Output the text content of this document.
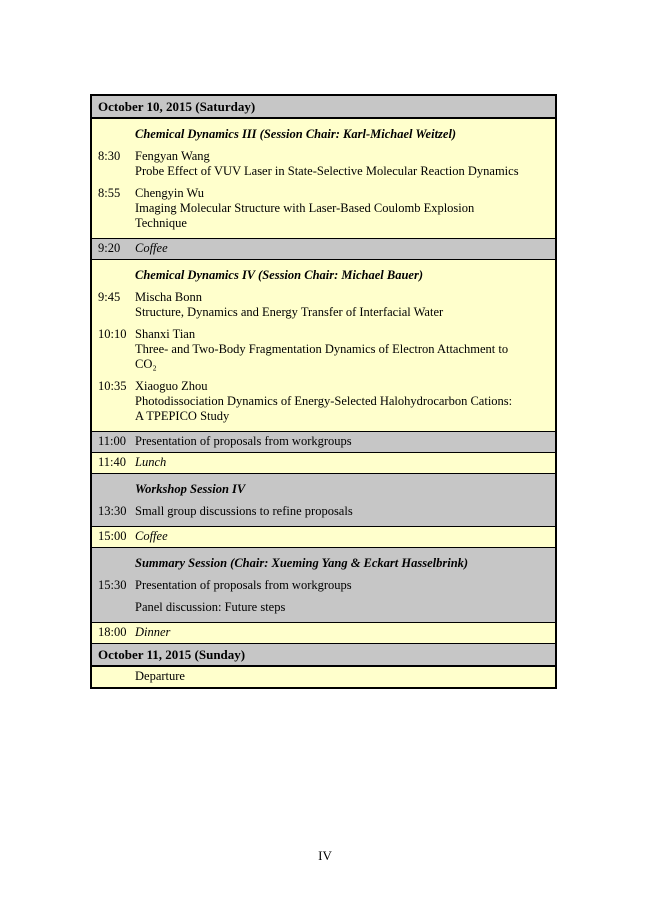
October 10, 2015 (Saturday)
Chemical Dynamics III (Session Chair: Karl-Michael Weitzel)
8:30 Fengyan Wang
Probe Effect of VUV Laser in State-Selective Molecular Reaction Dynamics
8:55 Chengyin Wu
Imaging Molecular Structure with Laser-Based Coulomb Explosion
Technique
9:20 Coffee
Chemical Dynamics IV (Session Chair: Michael Bauer)
9:45 Mischa Bonn
Structure, Dynamics and Energy Transfer of Interfacial Water
10:10 Shanxi Tian
Three- and Two-Body Fragmentation Dynamics of Electron Attachment to
CO₂
10:35 Xiaoguo Zhou
Photodissociation Dynamics of Energy-Selected Halohydrocarbon Cations:
A TPEPICO Study
11:00 Presentation of proposals from workgroups
11:40 Lunch
Workshop Session IV
13:30 Small group discussions to refine proposals
15:00 Coffee
Summary Session (Chair: Xueming Yang & Eckart Hasselbrink)
15:30 Presentation of proposals from workgroups
Panel discussion: Future steps
18:00 Dinner
October 11, 2015 (Sunday)
Departure
IV
